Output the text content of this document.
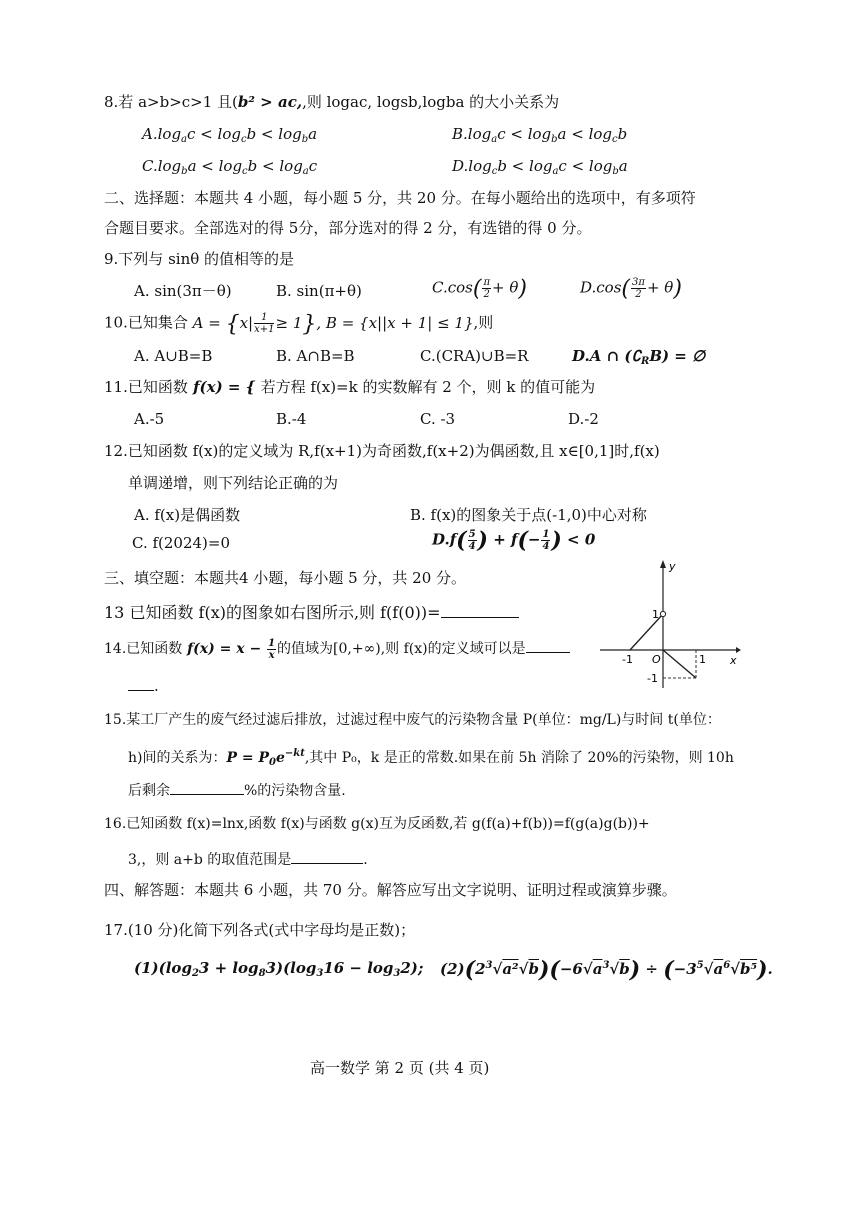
8.若 a>b>c>1 且(b² > ac,,则 logac, logsb,logba 的大小关系为
$A.\log_ac < \log_cb < \log_ba$	$B.\log_ac < \log_ba < \log_cb$
$C.\log_ba < \log_cb < \log_ac$	$D.\log_cb < \log_ac < \log_ba$
二、选择题：本题共 4 小题，每小题 5 分，共 20 分。在每小题给出的选项中，有多项符
合题目要求。全部选对的得 5分，部分选对的得 2 分，有选错的得 0 分。
9.下列与 sinθ 的值相等的是
A. sin(3π－θ)	B. sin(π+θ)	$C.\cos( \frac{\pi}{2} + \theta)$	$D.\cos( \frac{3\pi}{2} + \theta)$
10.已知集合 $A = \{x| \frac{1}{x+1} \ge 1\}$, B = {x||x + 1| ≤ 1},则
A. A∪B=B	B. A∩B=B	C.(CRA)∪B=R	D.A ∩ $(∁_RB)$ = ∅
11.已知函数 f(x) = { 若方程 f(x)=k 的实数解有 2 个，则 k 的值可能为
A.-5	B.-4	C. -3	D.-2
12.已知函数 f(x)的定义域为 R,f(x+1)为奇函数,f(x+2)为偶函数,且 x∈[0,1]时,f(x)
单调递增，则下列结论正确的为
A. f(x)是偶函数	B. f(x)的图象关于点(-1,0)中心对称
C. f(2024)=0	$D.f( \frac{5}{4}$ ) + $f(- \frac{1}{4}$ ) < 0
三、填空题：本题共4 小题，每小题 5 分，共 20 分。
13 已知函数 f(x)的图象如右图所示,则 f(f(0))=
14.已知函数 $f(x) = x - \frac{1}{x}$ 的值域为[0,+∞),则 f(x)的定义域可以是
.
y
x
O
1
-1	1
-1
15.某工厂产生的废气经过滤后排放，过滤过程中废气的污染物含量 P(单位：mg/L)与时间 t(单位：
h)间的关系为：$P = P_0e^{-kt}$,其中 P₀，k 是正的常数.如果在前 5h 消除了 20%的污染物，则 10h
后剩余	%的污染物含量.
16.已知函数 f(x)=lnx,函数 f(x)与函数 g(x)互为反函数,若 g(f(a)+f(b))=f(g(a)g(b))+
3,，则 a+b 的取值范围是	.
四、解答题：本题共 6 小题，共 70 分。解答应写出文字说明、证明过程或演算步骤。
17.(10 分)化简下列各式(式中字母均是正数)；
$(1)(\log_23 + \log_83)(\log_316 - \log_32)$; $(2)(2^3√a^2√b)(-6√a^3√b) \div (-3^5√a^6√b^5)$.
高一数学 第 2 页 (共 4 页)
